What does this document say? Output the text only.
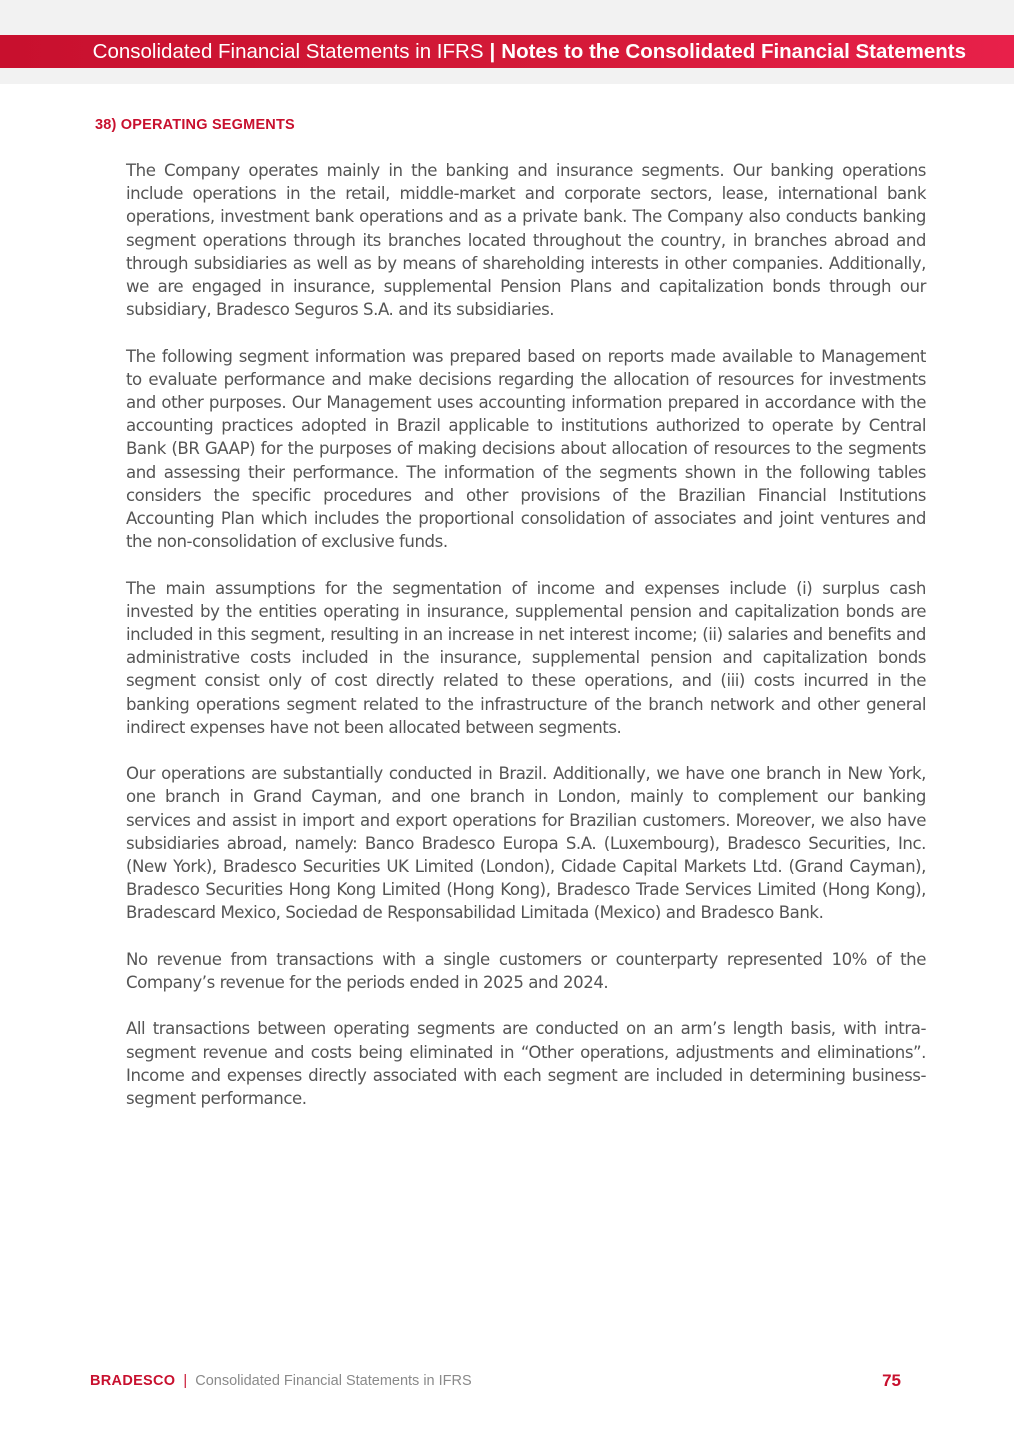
Consolidated Financial Statements in IFRS | Notes to the Consolidated Financial Statements
38) OPERATING SEGMENTS

The Company operates mainly in the banking and insurance segments. Our banking operations include operations in the retail, middle-market and corporate sectors, lease, international bank operations, investment bank operations and as a private bank. The Company also conducts banking segment operations through its branches located throughout the country, in branches abroad and through subsidiaries as well as by means of shareholding interests in other companies. Additionally, we are engaged in insurance, supplemental Pension Plans and capitalization bonds through our subsidiary, Bradesco Seguros S.A. and its subsidiaries.

The following segment information was prepared based on reports made available to Management to evaluate performance and make decisions regarding the allocation of resources for investments and other purposes. Our Management uses accounting information prepared in accordance with the accounting practices adopted in Brazil applicable to institutions authorized to operate by Central Bank (BR GAAP) for the purposes of making decisions about allocation of resources to the segments and assessing their performance. The information of the segments shown in the following tables considers the specific procedures and other provisions of the Brazilian Financial Institutions Accounting Plan which includes the proportional consolidation of associates and joint ventures and the non-consolidation of exclusive funds.

The main assumptions for the segmentation of income and expenses include (i) surplus cash invested by the entities operating in insurance, supplemental pension and capitalization bonds are included in this segment, resulting in an increase in net interest income; (ii) salaries and benefits and administrative costs included in the insurance, supplemental pension and capitalization bonds segment consist only of cost directly related to these operations, and (iii) costs incurred in the banking operations segment related to the infrastructure of the branch network and other general indirect expenses have not been allocated between segments.

Our operations are substantially conducted in Brazil. Additionally, we have one branch in New York, one branch in Grand Cayman, and one branch in London, mainly to complement our banking services and assist in import and export operations for Brazilian customers. Moreover, we also have subsidiaries abroad, namely: Banco Bradesco Europa S.A. (Luxembourg), Bradesco Securities, Inc. (New York), Bradesco Securities UK Limited (London), Cidade Capital Markets Ltd. (Grand Cayman), Bradesco Securities Hong Kong Limited (Hong Kong), Bradesco Trade Services Limited (Hong Kong), Bradescard Mexico, Sociedad de Responsabilidad Limitada (Mexico) and Bradesco Bank.

No revenue from transactions with a single customers or counterparty represented 10% of the Company’s revenue for the periods ended in 2025 and 2024.

All transactions between operating segments are conducted on an arm’s length basis, with intra-segment revenue and costs being eliminated in “Other operations, adjustments and eliminations”. Income and expenses directly associated with each segment are included in determining business-segment performance.

BRADESCO | Consolidated Financial Statements in IFRS	75
